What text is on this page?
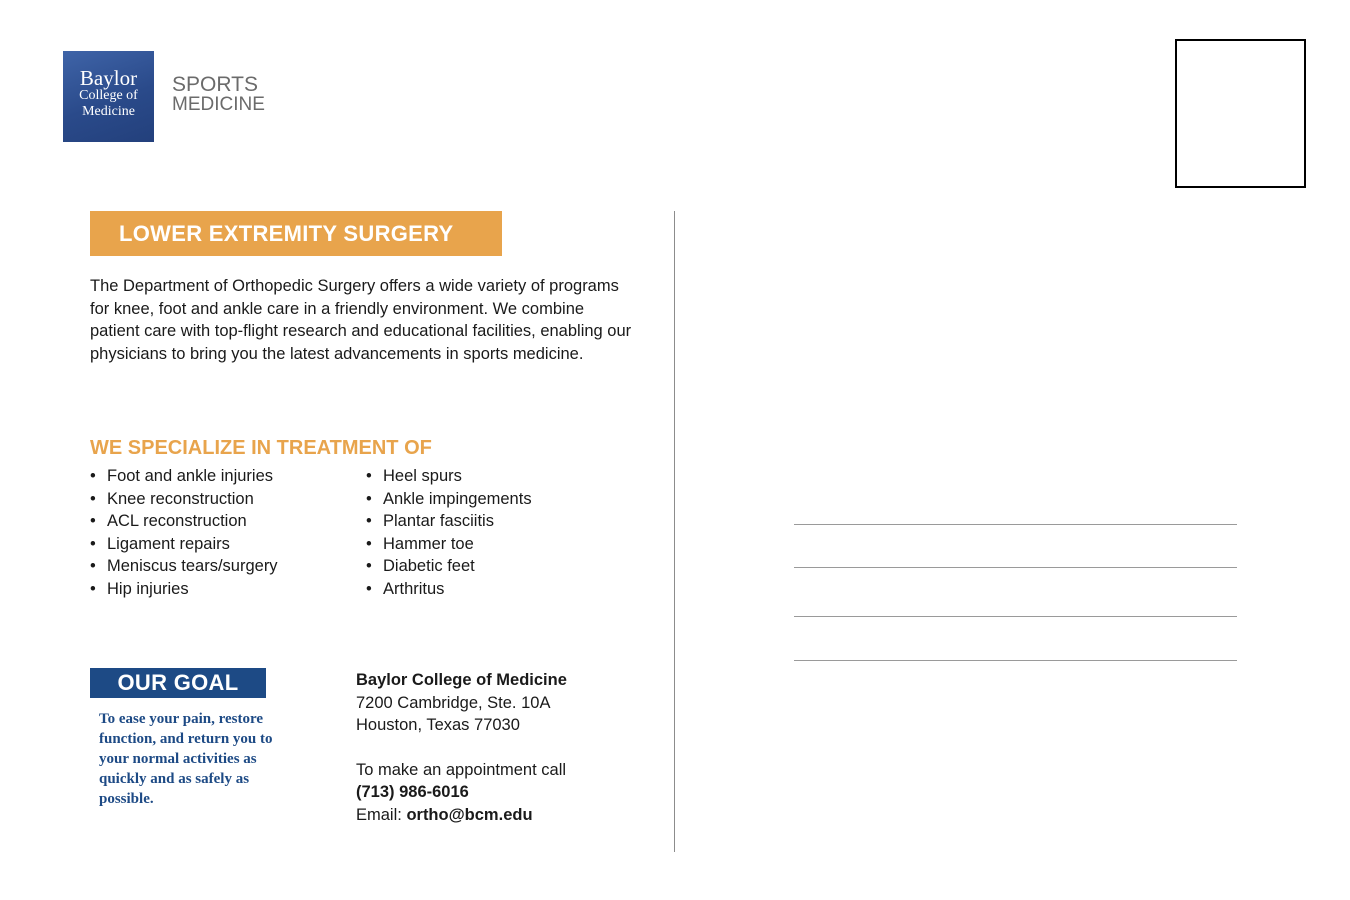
Baylor
College of
Medicine
SPORTS
MEDICINE
LOWER EXTREMITY SURGERY

The Department of Orthopedic Surgery offers a wide variety of programs for knee, foot and ankle care in a friendly environment. We combine patient care with top-flight research and educational facilities, enabling our physicians to bring you the latest advancements in sports medicine.

WE SPECIALIZE IN TREATMENT OF
• Foot and ankle injuries
• Knee reconstruction
• ACL reconstruction
• Ligament repairs
• Meniscus tears/surgery
• Hip injuries
• Heel spurs
• Ankle impingements
• Plantar fasciitis
• Hammer toe
• Diabetic feet
• Arthritus
OUR GOAL

To ease your pain, restore function, and return you to your normal activities as quickly and as safely as possible.

Baylor College of Medicine
7200 Cambridge, Ste. 10A
Houston, Texas 77030
To make an appointment call
(713) 986-6016
Email: ortho@bcm.edu
